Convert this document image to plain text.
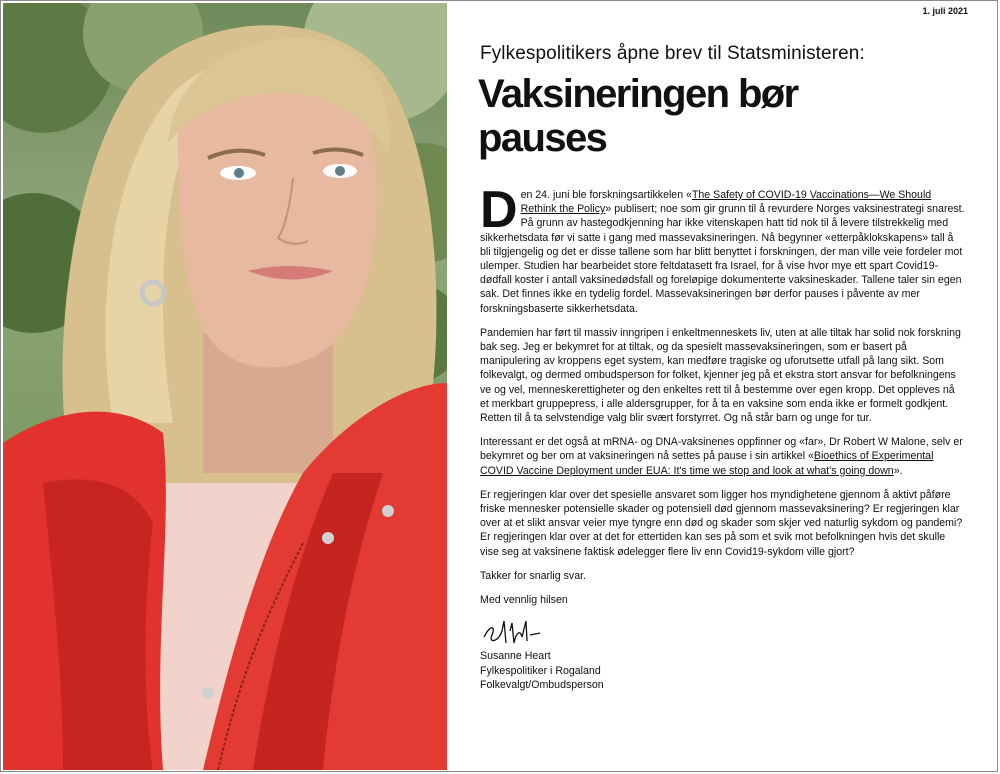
1. juli 2021
Fylkespolitikers åpne brev til Statsministeren:
Vaksineringen bør
pauses

Den 24. juni ble forskningsartikkelen «The Safety of COVID-19 Vaccinations—We Should Rethink the Policy» publisert; noe som gir grunn til å revurdere Norges vaksinestrategi snarest. På grunn av hastegodkjenning har ikke vitenskapen hatt tid nok til å levere tilstrekkelig med sikkerhetsdata før vi satte i gang med massevaksineringen. Nå begynner «etterpåklokskapens» tall å bli tilgjengelig og det er disse tallene som har blitt benyttet i forskningen, der man ville veie fordeler mot ulemper. Studien har bearbeidet store feltdatasett fra Israel, for å vise hvor mye ett spart Covid19-dødfall koster i antall vaksinedødsfall og foreløpige dokumenterte vaksineskader. Tallene taler sin egen sak. Det finnes ikke en tydelig fordel. Massevaksineringen bør derfor pauses i påvente av mer forskningsbaserte sikkerhetsdata.

Pandemien har ført til massiv inngripen i enkeltmenneskets liv, uten at alle tiltak har solid nok forskning bak seg. Jeg er bekymret for at tiltak, og da spesielt massevaksineringen, som er basert på manipulering av kroppens eget system, kan medføre tragiske og uforutsette utfall på lang sikt. Som folkevalgt, og dermed ombudsperson for folket, kjenner jeg på et ekstra stort ansvar for befolkningens ve og vel, menneskerettigheter og den enkeltes rett til å bestemme over egen kropp. Det oppleves nå et merkbart gruppepress, i alle aldersgrupper, for å ta en vaksine som enda ikke er formelt godkjent. Retten til å ta selvstendige valg blir svært forstyrret. Og nå står barn og unge for tur.

Interessant er det også at mRNA- og DNA-vaksinenes oppfinner og «far», Dr Robert W Malone, selv er bekymret og ber om at vaksineringen nå settes på pause i sin artikkel «Bioethics of Experimental COVID Vaccine Deployment under EUA: It's time we stop and look at what's going down».

Er regjeringen klar over det spesielle ansvaret som ligger hos myndighetene gjennom å aktivt påføre friske mennesker potensielle skader og potensiell død gjennom massevaksinering? Er regjeringen klar over at et slikt ansvar veier mye tyngre enn død og skader som skjer ved naturlig sykdom og pandemi? Er regjeringen klar over at det for ettertiden kan ses på som et svik mot befolkningen hvis det skulle vise seg at vaksinene faktisk ødelegger flere liv enn Covid19-sykdom ville gjort?

Takker for snarlig svar.

Med vennlig hilsen

Susanne Heart
Fylkespolitiker i Rogaland
Folkevalgt/Ombudsperson
